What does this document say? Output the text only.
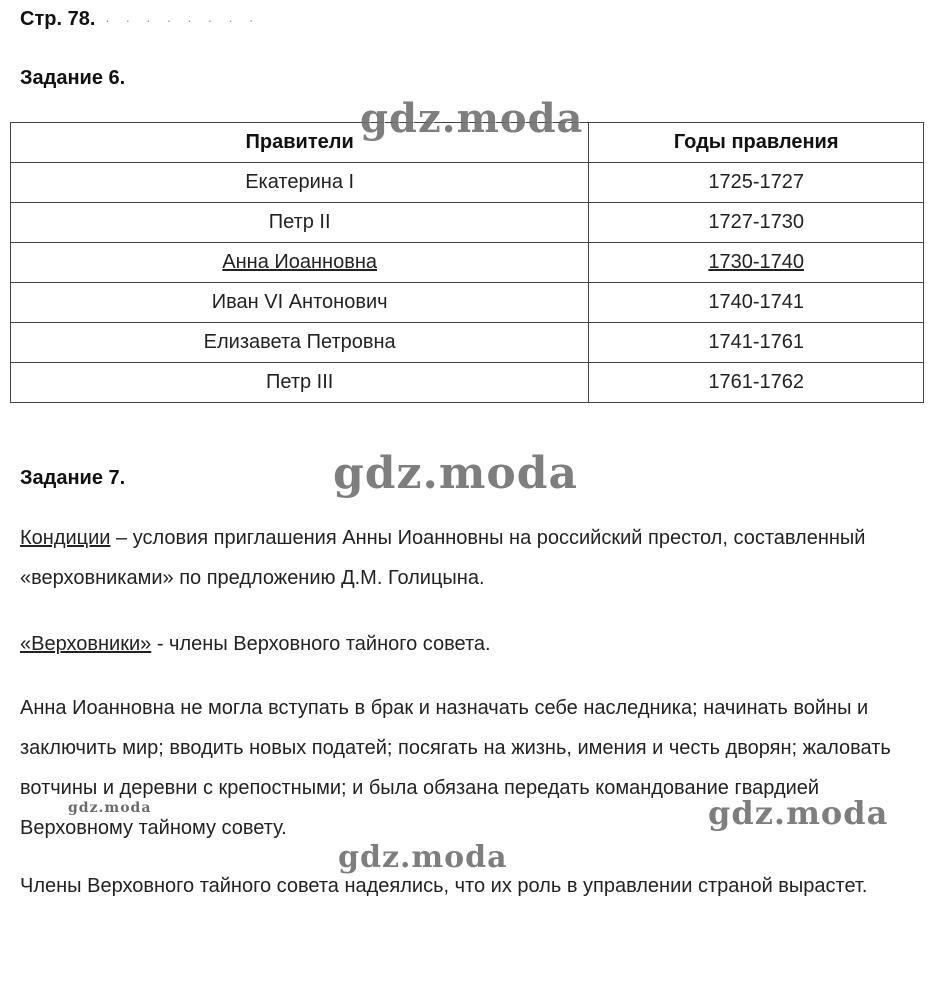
Стр. 78. · · · · · · · ·
Задание 6.
Правители	Годы правления
Екатерина I	1725-1727
Петр II	1727-1730
Анна Иоанновна	1730-1740
Иван VI Антонович	1740-1741
Елизавета Петровна	1741-1761
Петр III	1761-1762
Задание 7.

Кондиции – условия приглашения Анны Иоанновны на российский престол, составленный «верховниками» по предложению Д.М. Голицына.

«Верховники» - члены Верховного тайного совета.

Анна Иоанновна не могла вступать в брак и назначать себе наследника; начинать войны и заключить мир; вводить новых податей; посягать на жизнь, имения и честь дворян; жаловать вотчины и деревни с крепостными; и была обязана передать командование гвардией Верховному тайному совету.

Члены Верховного тайного совета надеялись, что их роль в управлении страной вырастет.

gdz.moda
gdz.moda
gdz.moda
gdz.moda
gdz.moda
